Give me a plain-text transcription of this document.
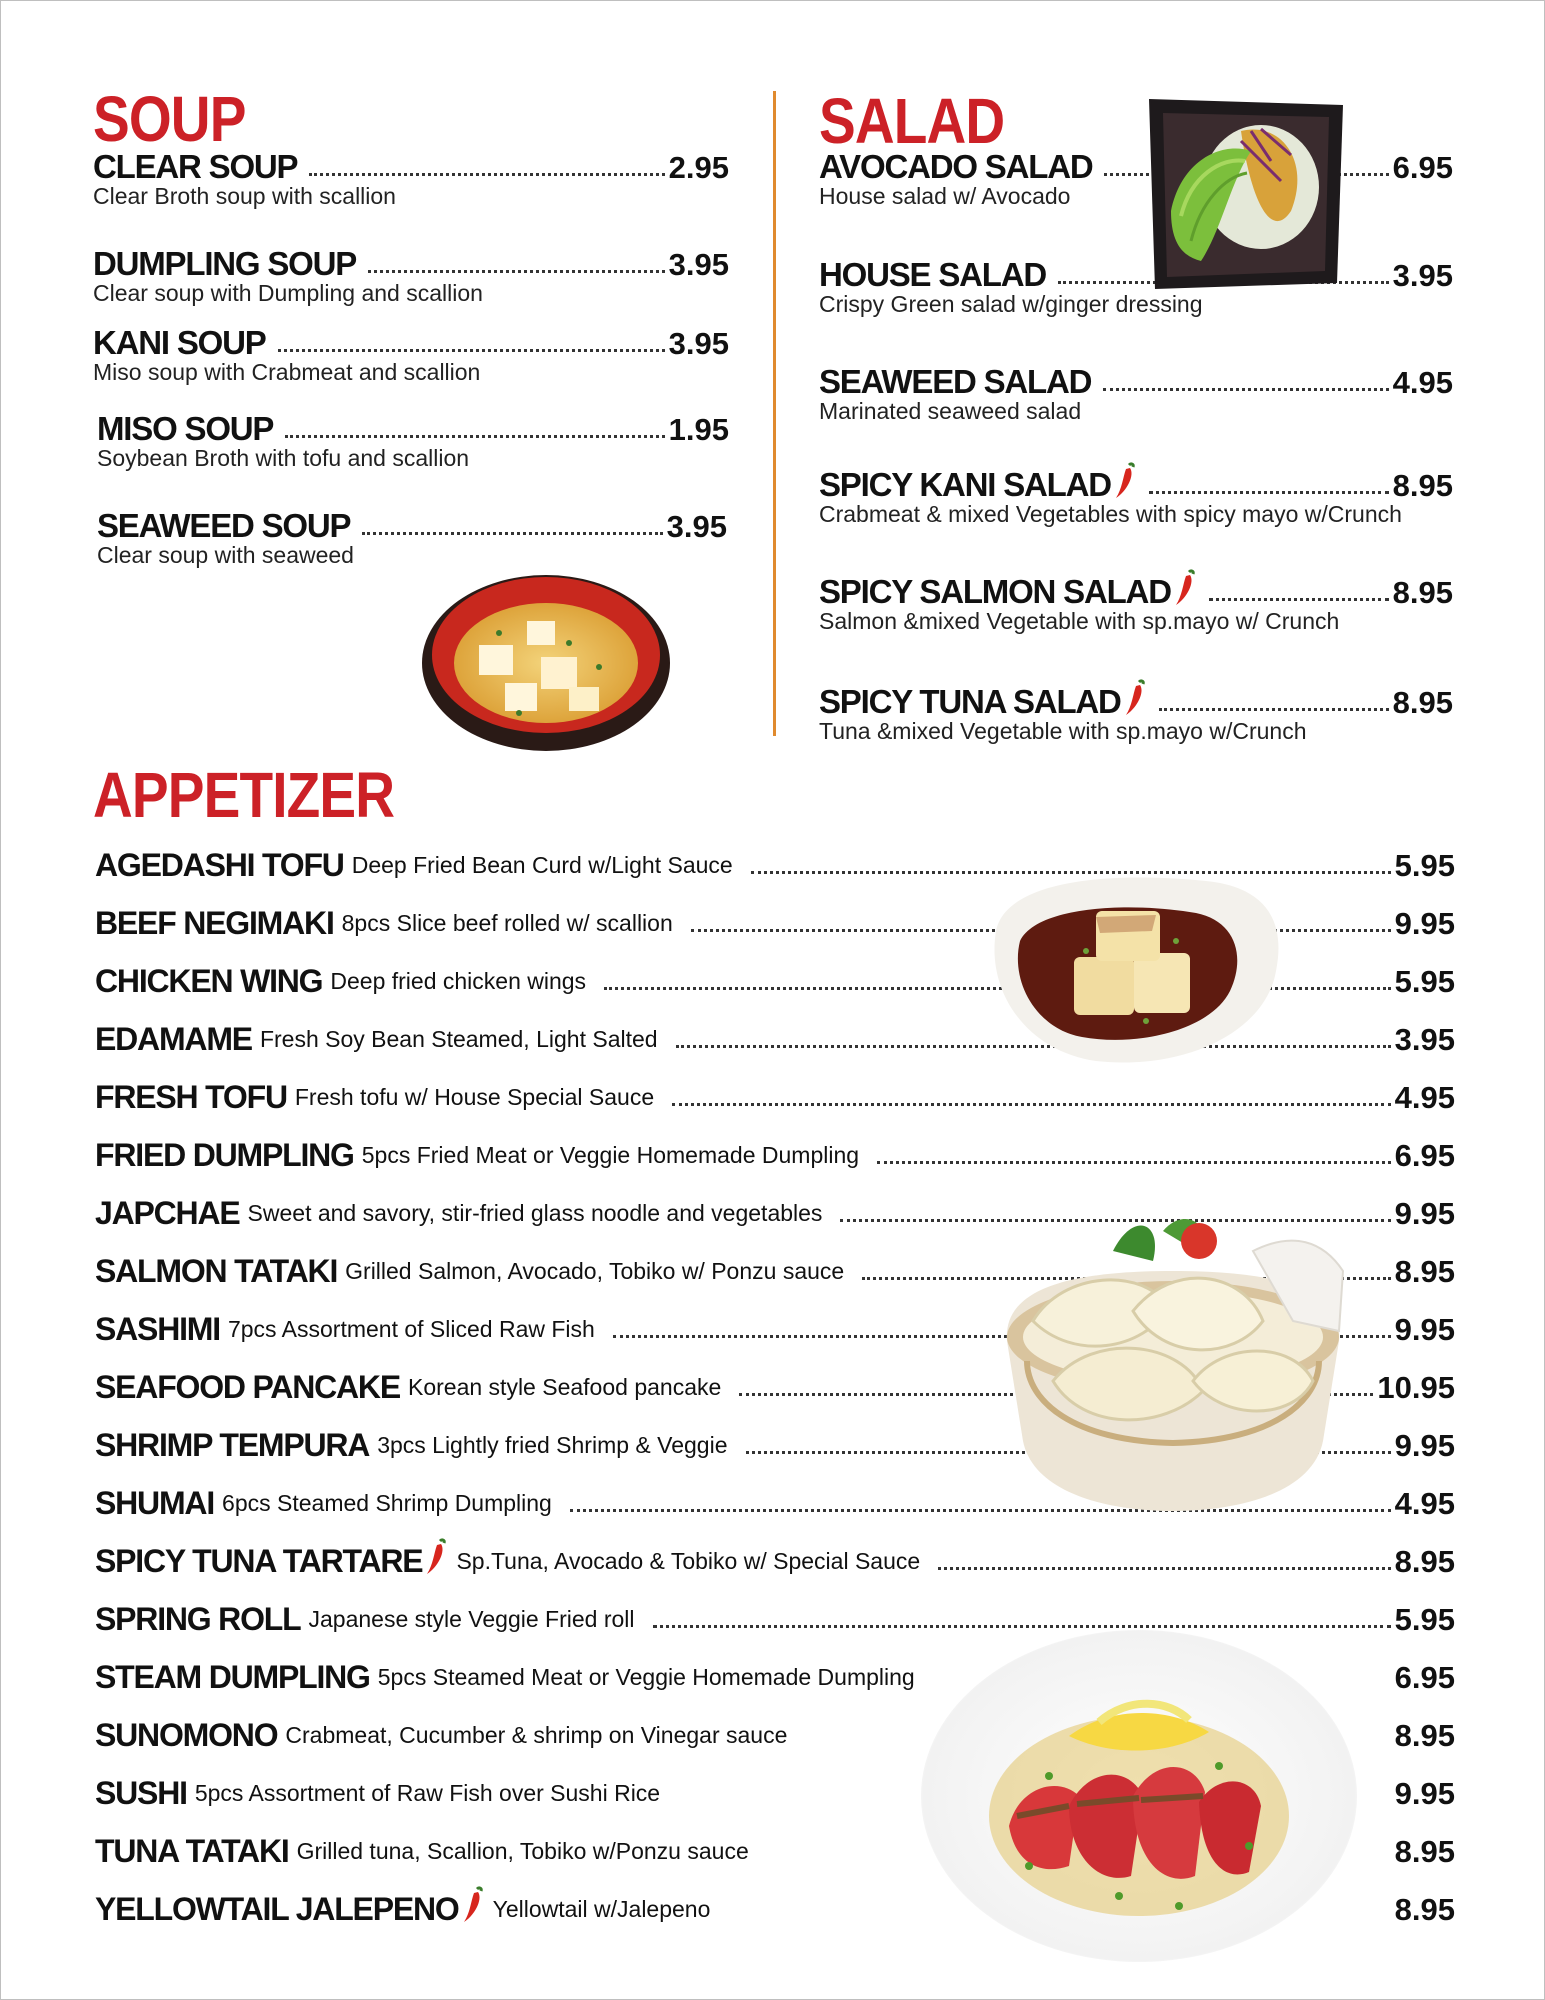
SOUP
CLEAR SOUP	2.95
Clear Broth soup with scallion
DUMPLING SOUP	3.95
Clear soup with Dumpling and scallion
KANI SOUP	3.95
Miso soup with Crabmeat and scallion
MISO SOUP	1.95
Soybean Broth with tofu and scallion
SEAWEED SOUP	3.95
Clear soup with seaweed
SALAD
AVOCADO SALAD	6.95
House salad w/ Avocado
HOUSE SALAD	3.95
Crispy Green salad w/ginger dressing
SEAWEED SALAD	4.95
Marinated seaweed salad
SPICY KANI SALAD	8.95
Crabmeat & mixed Vegetables with spicy mayo w/Crunch
SPICY SALMON SALAD	8.95
Salmon &mixed Vegetable with sp.mayo w/ Crunch
SPICY TUNA SALAD	8.95
Tuna &mixed Vegetable with sp.mayo w/Crunch
APPETIZER
AGEDASHI TOFU Deep Fried Bean Curd w/Light Sauce	5.95
BEEF NEGIMAKI 8pcs Slice beef rolled w/ scallion	9.95
CHICKEN WING Deep fried chicken wings	5.95
EDAMAME Fresh Soy Bean Steamed, Light Salted	3.95
FRESH TOFU Fresh tofu w/ House Special Sauce	4.95
FRIED DUMPLING 5pcs Fried Meat or Veggie Homemade Dumpling	6.95
JAPCHAE Sweet and savory, stir-fried glass noodle and vegetables	9.95
SALMON TATAKI Grilled Salmon, Avocado, Tobiko w/ Ponzu sauce	8.95
SASHIMI 7pcs Assortment of Sliced Raw Fish	9.95
SEAFOOD PANCAKE Korean style Seafood pancake	10.95
SHRIMP TEMPURA 3pcs Lightly fried Shrimp & Veggie	9.95
SHUMAI 6pcs Steamed Shrimp Dumpling	4.95
SPICY TUNA TARTARE Sp.Tuna, Avocado & Tobiko w/ Special Sauce	8.95
SPRING ROLL Japanese style Veggie Fried roll	5.95
STEAM DUMPLING 5pcs Steamed Meat or Veggie Homemade Dumpling	6.95
SUNOMONO Crabmeat, Cucumber & shrimp on Vinegar sauce	8.95
SUSHI 5pcs Assortment of Raw Fish over Sushi Rice	9.95
TUNA TATAKI Grilled tuna, Scallion, Tobiko w/Ponzu sauce	8.95
YELLOWTAIL JALEPENO Yellowtail w/Jalepeno	8.95
